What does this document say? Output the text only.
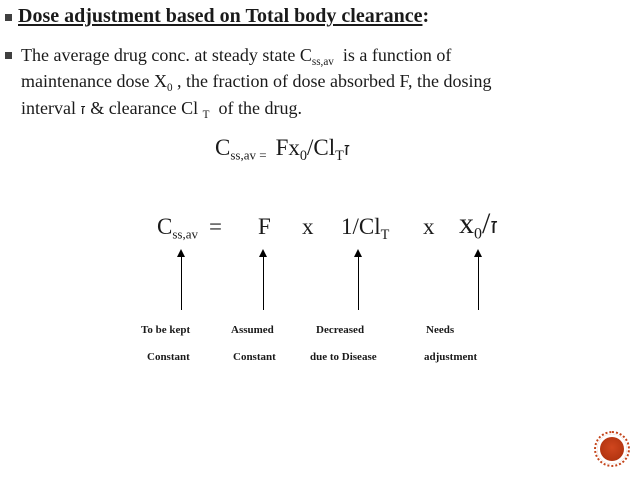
Dose adjustment based on Total body clearance:
The average drug conc. at steady state $C_{ss,av}$  is a function of
maintenance dose $X_0$ , the fraction of dose absorbed F, the dosing
interval ז & clearance Cl $_T$  of the drug.
$C_{ss,av =}$ $Fx_0/Cl_Tז$
$C_{ss,av} = F$ x $1/Cl_T$ x $x_0/ז$
To be kept
Constant
Assumed
Constant
Decreased
due to Disease
Needs
adjustment
